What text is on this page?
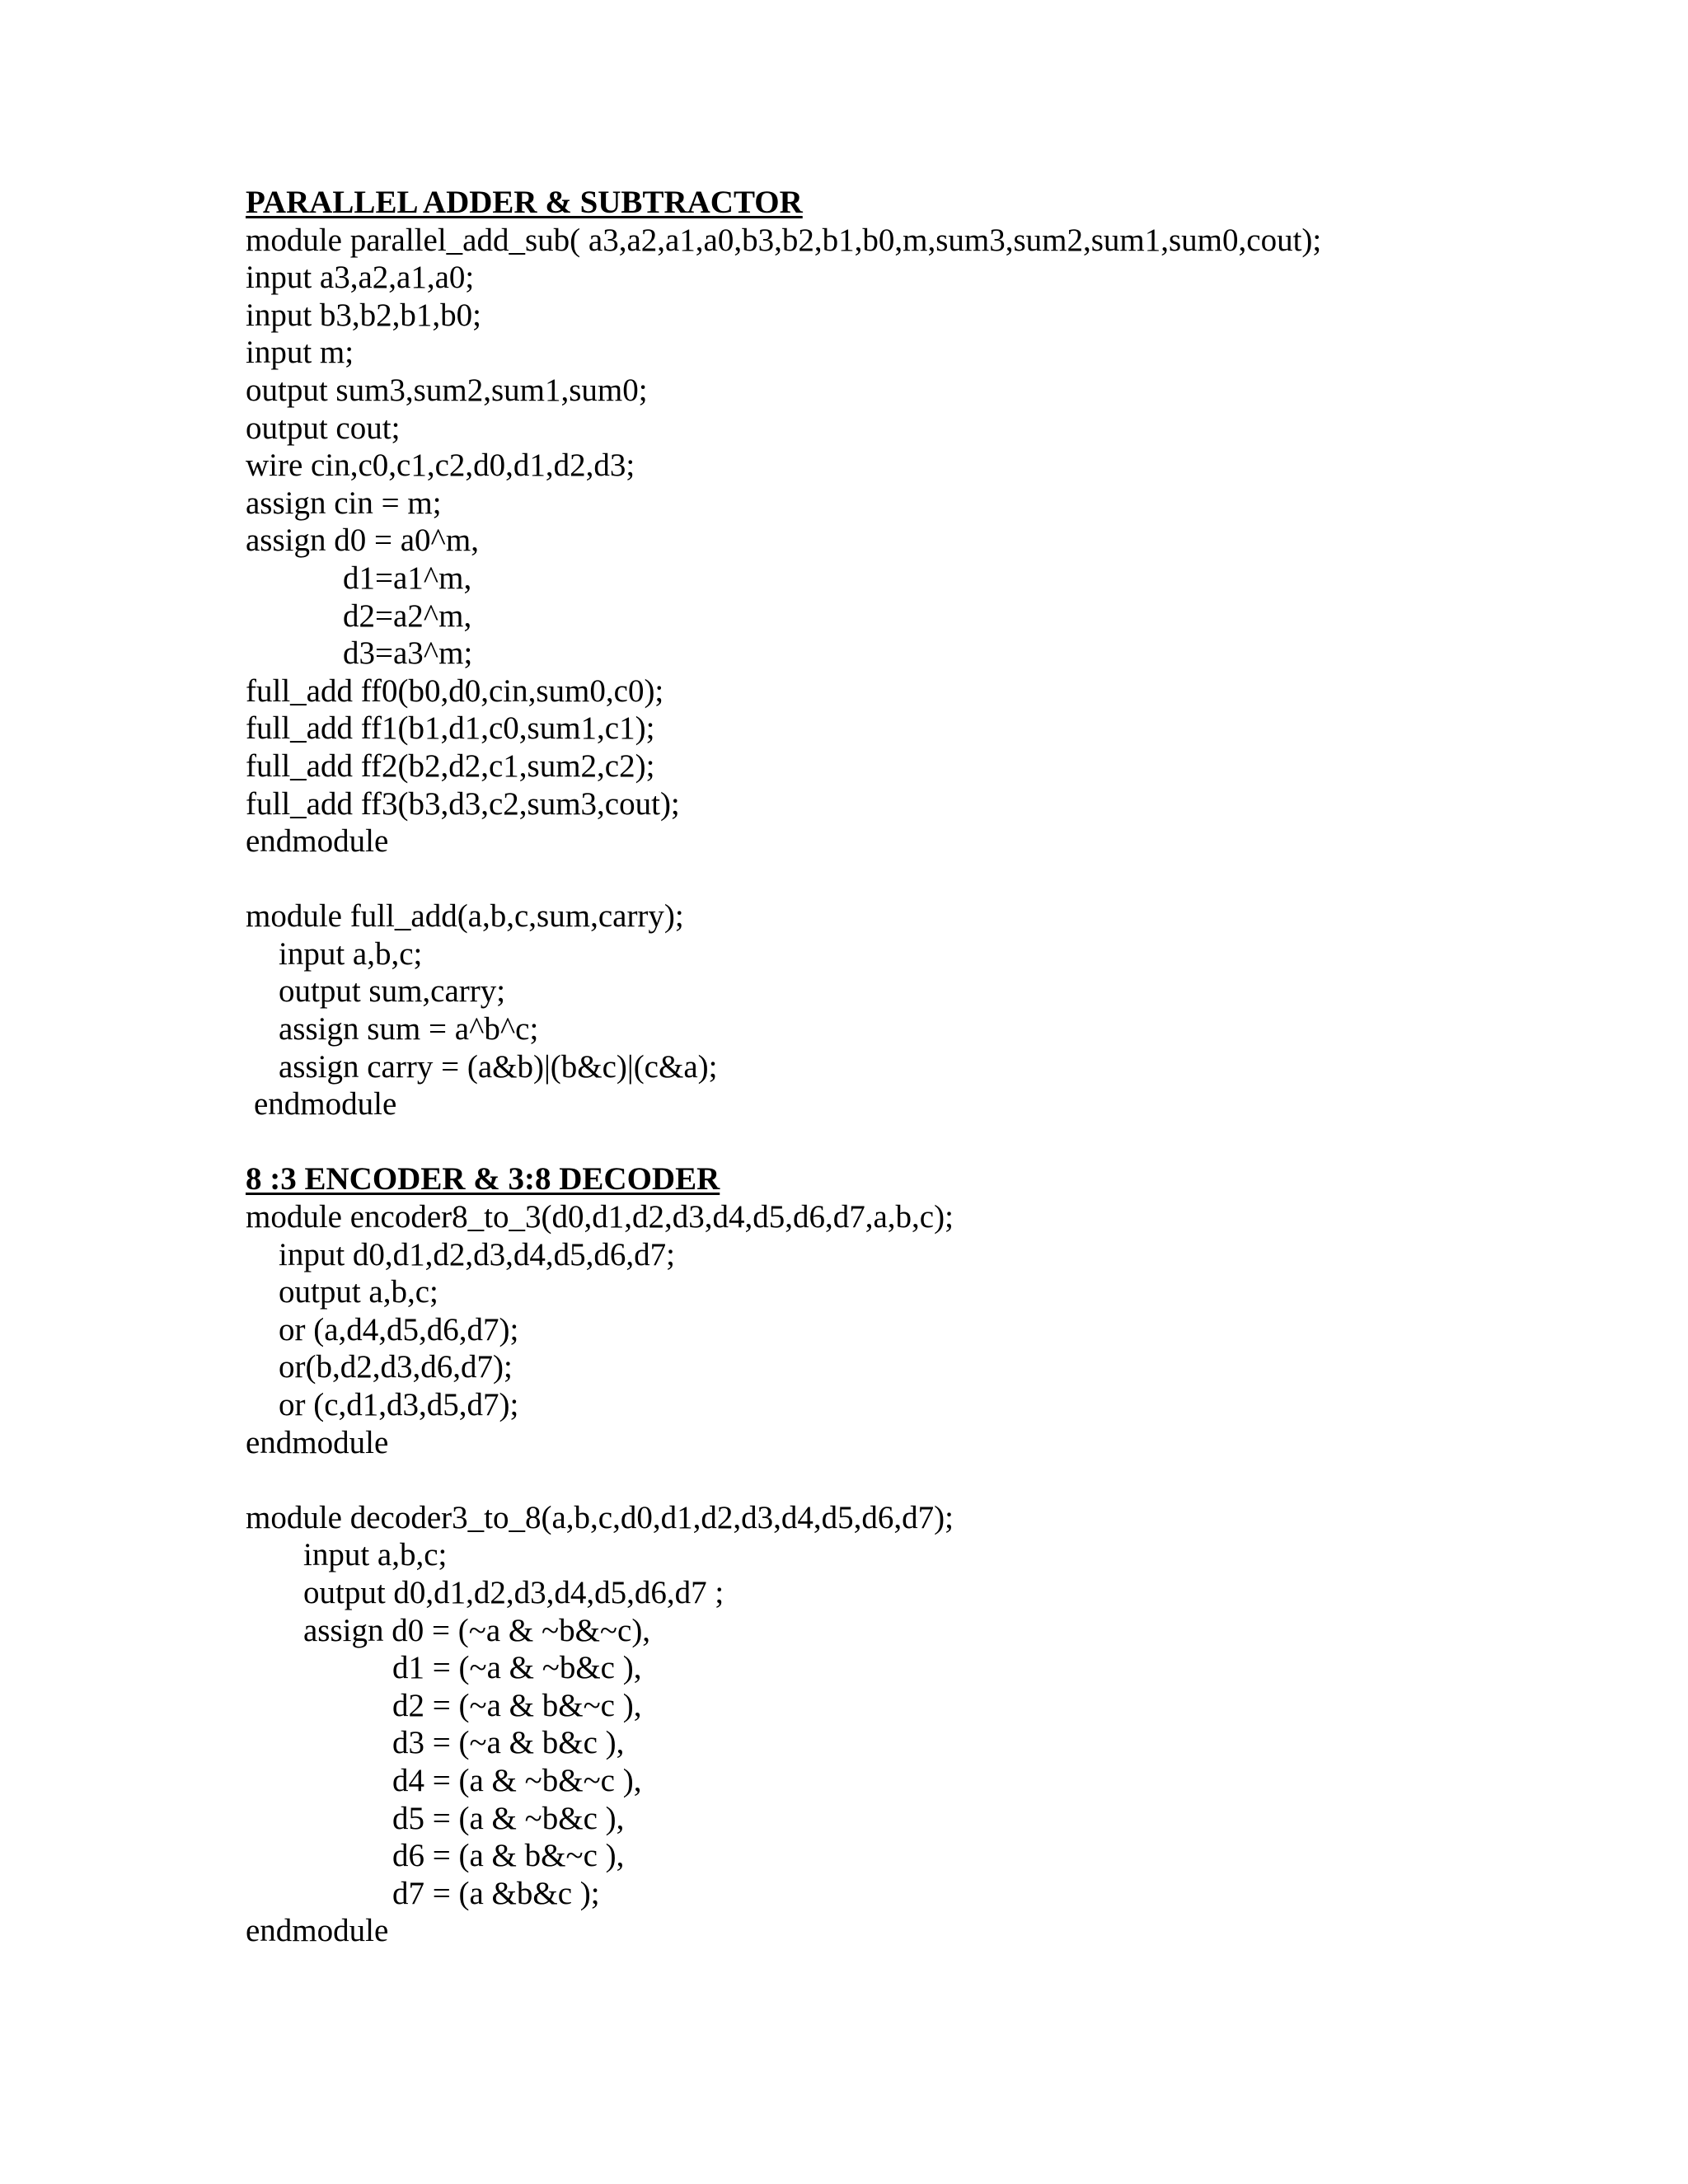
PARALLEL ADDER & SUBTRACTOR
module parallel_add_sub( a3,a2,a1,a0,b3,b2,b1,b0,m,sum3,sum2,sum1,sum0,cout);
input a3,a2,a1,a0;
input b3,b2,b1,b0;
input m;
output sum3,sum2,sum1,sum0;
output cout;
wire cin,c0,c1,c2,d0,d1,d2,d3;
assign cin = m;
assign d0 = a0^m,
d1=a1^m,
d2=a2^m,
d3=a3^m;
full_add ff0(b0,d0,cin,sum0,c0);
full_add ff1(b1,d1,c0,sum1,c1);
full_add ff2(b2,d2,c1,sum2,c2);
full_add ff3(b3,d3,c2,sum3,cout);
endmodule
module full_add(a,b,c,sum,carry);
input a,b,c;
output sum,carry;
assign sum = a^b^c;
assign carry = (a&b)|(b&c)|(c&a);
endmodule
8 :3 ENCODER & 3:8 DECODER
module encoder8_to_3(d0,d1,d2,d3,d4,d5,d6,d7,a,b,c);
input d0,d1,d2,d3,d4,d5,d6,d7;
output a,b,c;
or (a,d4,d5,d6,d7);
or(b,d2,d3,d6,d7);
or (c,d1,d3,d5,d7);
endmodule
module decoder3_to_8(a,b,c,d0,d1,d2,d3,d4,d5,d6,d7);
input a,b,c;
output d0,d1,d2,d3,d4,d5,d6,d7 ;
assign d0 = (~a & ~b&~c),
d1 = (~a & ~b&c ),
d2 = (~a & b&~c ),
d3 = (~a & b&c ),
d4 = (a & ~b&~c ),
d5 = (a & ~b&c ),
d6 = (a & b&~c ),
d7 = (a &b&c );
endmodule
